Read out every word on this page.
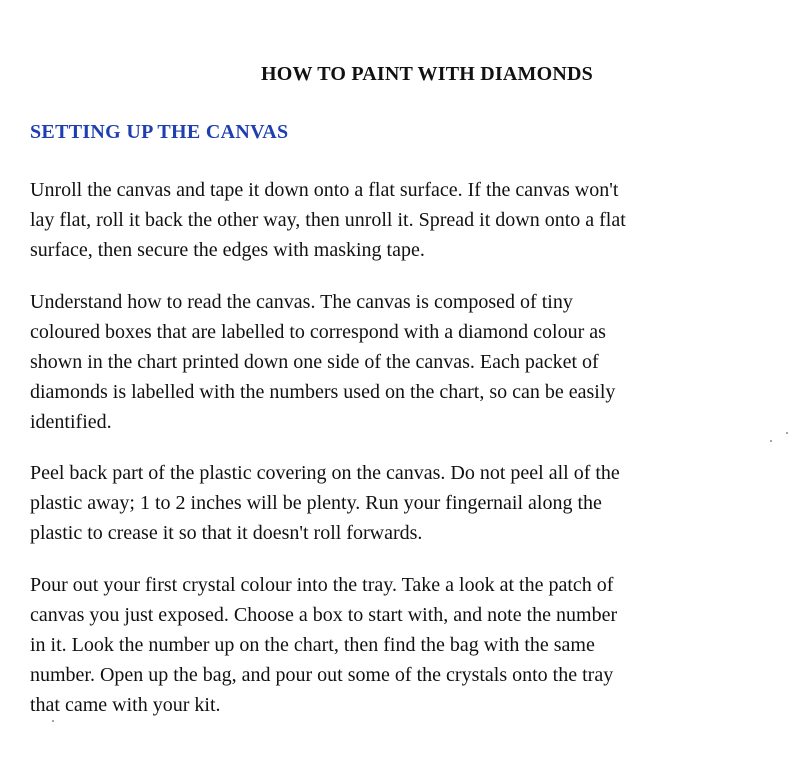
HOW TO PAINT WITH DIAMONDS
SETTING UP THE CANVAS

Unroll the canvas and tape it down onto a flat surface. If the canvas won't
lay flat, roll it back the other way, then unroll it. Spread it down onto a flat
surface, then secure the edges with masking tape.

Understand how to read the canvas. The canvas is composed of tiny
coloured boxes that are labelled to correspond with a diamond colour as
shown in the chart printed down one side of the canvas. Each packet of
diamonds is labelled with the numbers used on the chart, so can be easily
identified.

Peel back part of the plastic covering on the canvas. Do not peel all of the
plastic away; 1 to 2 inches will be plenty. Run your fingernail along the
plastic to crease it so that it doesn't roll forwards.

Pour out your first crystal colour into the tray. Take a look at the patch of
canvas you just exposed. Choose a box to start with, and note the number
in it. Look the number up on the chart, then find the bag with the same
number. Open up the bag, and pour out some of the crystals onto the tray
that came with your kit.
